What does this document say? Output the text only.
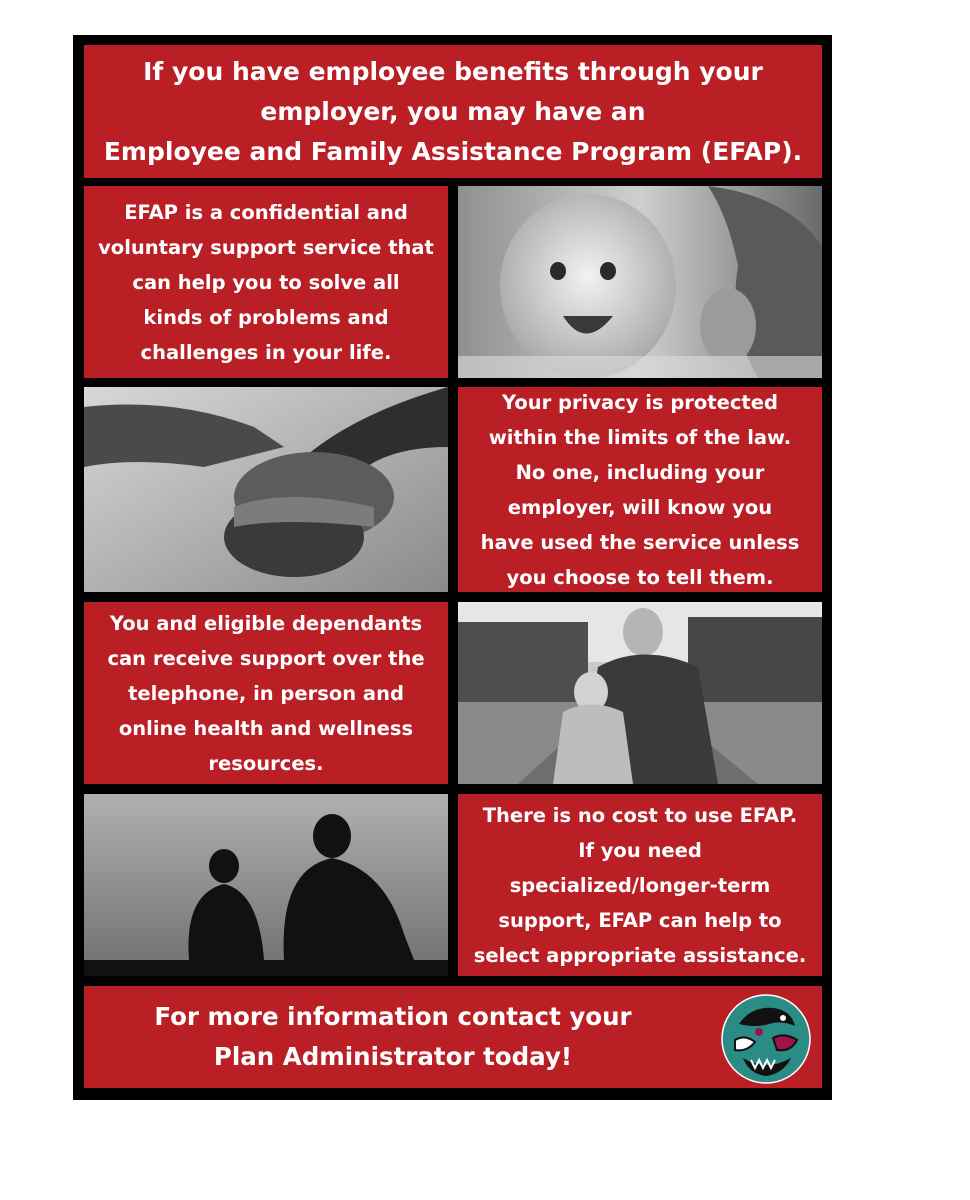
If you have employee benefits through your
employer, you may have an
Employee and Family Assistance Program (EFAP).
EFAP is a confidential and
voluntary support service that
can help you to solve all
kinds of problems and
challenges in your life.
Your privacy is protected
within the limits of the law.
No one, including your
employer, will know you
have used the service unless
you choose to tell them.
You and eligible dependants
can receive support over the
telephone, in person and
online health and wellness
resources.
There is no cost to use EFAP.
If you need
specialized/longer-term
support, EFAP can help to
select appropriate assistance.
For more information contact your
Plan Administrator today!
